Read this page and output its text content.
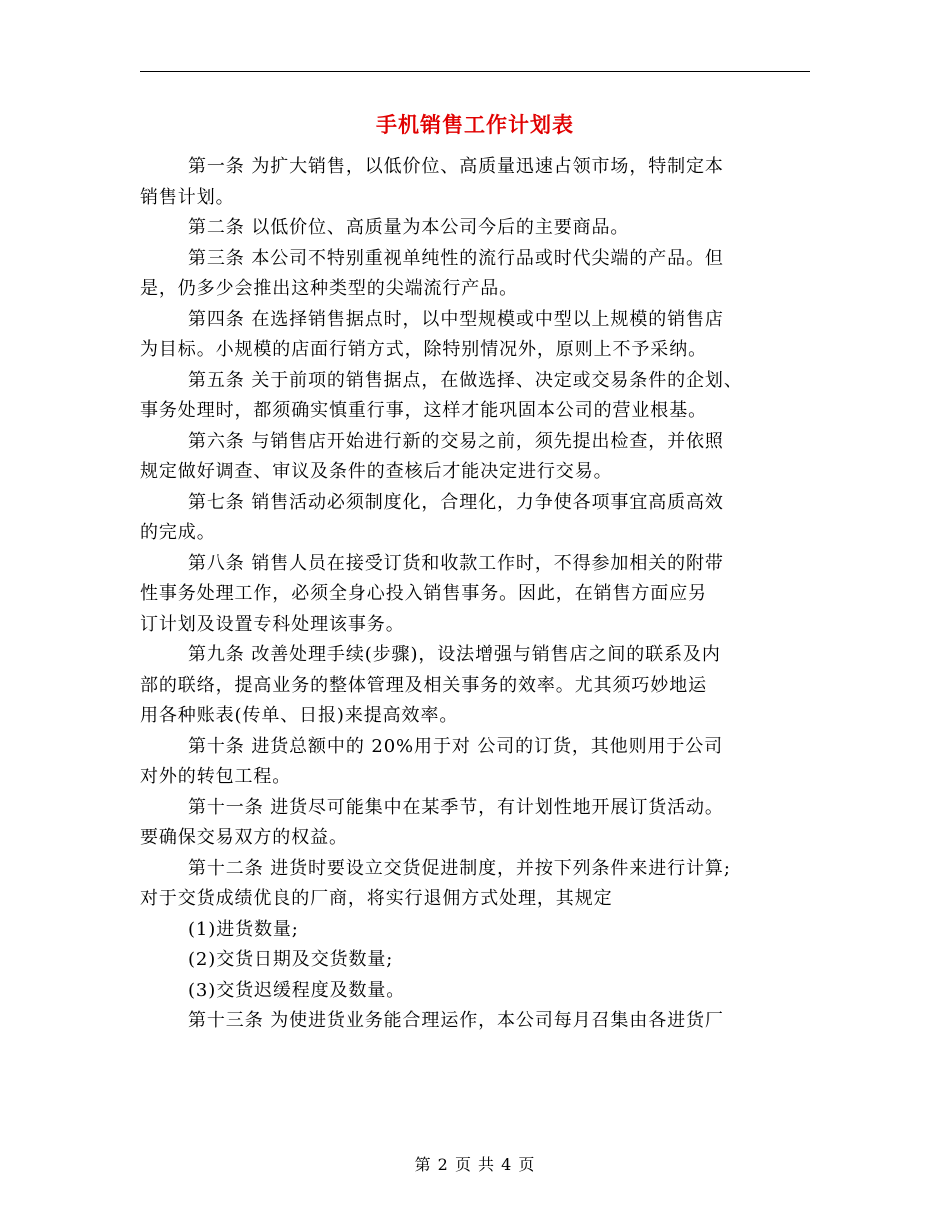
手机销售工作计划表

第一条 为扩大销售，以低价位、高质量迅速占领市场，特制定本
销售计划。

第二条 以低价位、高质量为本公司今后的主要商品。

第三条 本公司不特别重视单纯性的流行品或时代尖端的产品。但
是，仍多少会推出这种类型的尖端流行产品。

第四条 在选择销售据点时，以中型规模或中型以上规模的销售店
为目标。小规模的店面行销方式，除特别情况外，原则上不予采纳。

第五条 关于前项的销售据点，在做选择、决定或交易条件的企划、
事务处理时，都须确实慎重行事，这样才能巩固本公司的营业根基。

第六条 与销售店开始进行新的交易之前，须先提出检查，并依照
规定做好调查、审议及条件的查核后才能决定进行交易。

第七条 销售活动必须制度化，合理化，力争使各项事宜高质高效
的完成。

第八条 销售人员在接受订货和收款工作时，不得参加相关的附带
性事务处理工作，必须全身心投入销售事务。因此，在销售方面应另
订计划及设置专科处理该事务。

第九条 改善处理手续(步骤)，设法增强与销售店之间的联系及内
部的联络，提高业务的整体管理及相关事务的效率。尤其须巧妙地运
用各种账表(传单、日报)来提高效率。

第十条 进货总额中的 20%用于对 公司的订货，其他则用于公司
对外的转包工程。

第十一条 进货尽可能集中在某季节，有计划性地开展订货活动。
要确保交易双方的权益。

第十二条 进货时要设立交货促进制度，并按下列条件来进行计算;
对于交货成绩优良的厂商，将实行退佣方式处理，其规定

(1)进货数量;

(2)交货日期及交货数量;

(3)交货迟缓程度及数量。

第十三条 为使进货业务能合理运作，本公司每月召集由各进货厂

第 2 页 共 4 页
